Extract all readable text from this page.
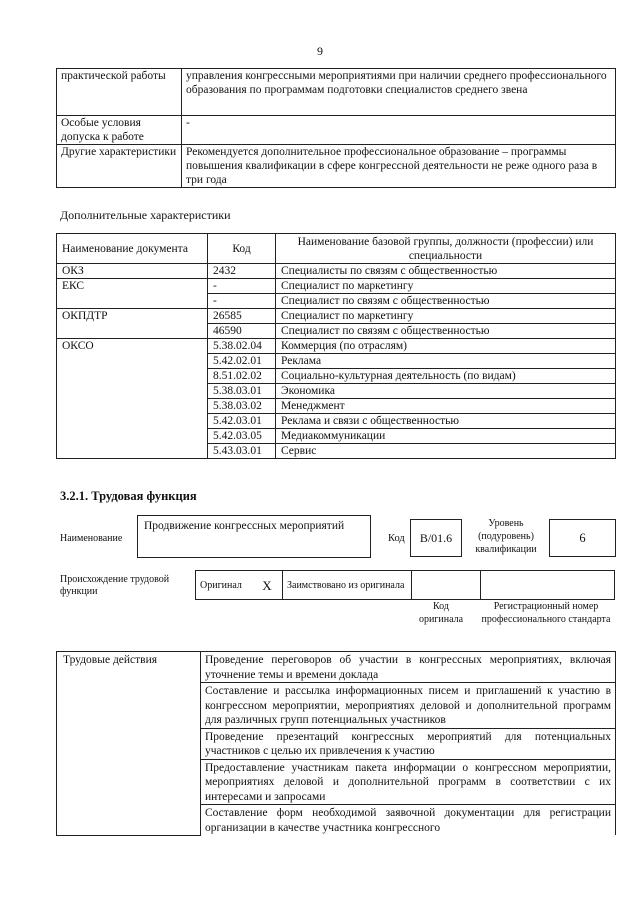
9
практической работы	управления конгрессными мероприятиями при наличии среднего профессионального образования по программам подготовки специалистов среднего звена
Особые условия допуска к работе	-
Другие характеристики	Рекомендуется дополнительное профессиональное образование – программы повышения квалификации в сфере конгрессной деятельности не реже одного раза в три года
Дополнительные характеристики
Наименование документа	Код	Наименование базовой группы, должности (профессии) или специальности
ОКЗ	2432	Специалисты по связям с общественностью
ЕКС	-	Специалист по маркетингу
	-	Специалист по связям с общественностью
ОКПДТР	26585	Специалист по маркетингу
	46590	Специалист по связям с общественностью
ОКСО	5.38.02.04	Коммерция (по отраслям)
	5.42.02.01	Реклама
	8.51.02.02	Социально-культурная деятельность (по видам)
	5.38.03.01	Экономика
	5.38.03.02	Менеджмент
	5.42.03.01	Реклама и связи с общественностью
	5.42.03.05	Медиакоммуникации
	5.43.03.01	Сервис
3.2.1. Трудовая функция
Наименование
Продвижение конгрессных мероприятий
Код	B/01.6
Уровень (подуровень) квалификации
6
Происхождение трудовой функции
Оригинал	X	Заимствовано из оригинала		
Код оригинала
Регистрационный номер профессионального стандарта
Трудовые действия	Проведение переговоров об участии в конгрессных мероприятиях, включая уточнение темы и времени доклада
Составление и рассылка информационных писем и приглашений к участию в конгрессном мероприятии, мероприятиях деловой и дополнительной программ для различных групп потенциальных участников
Проведение презентаций конгрессных мероприятий для потенциальных участников с целью их привлечения к участию
Предоставление участникам пакета информации о конгрессном мероприятии, мероприятиях деловой и дополнительной программ в соответствии с их интересами и запросами
Составление форм необходимой заявочной документации для регистрации организации в качестве участника конгрессного
